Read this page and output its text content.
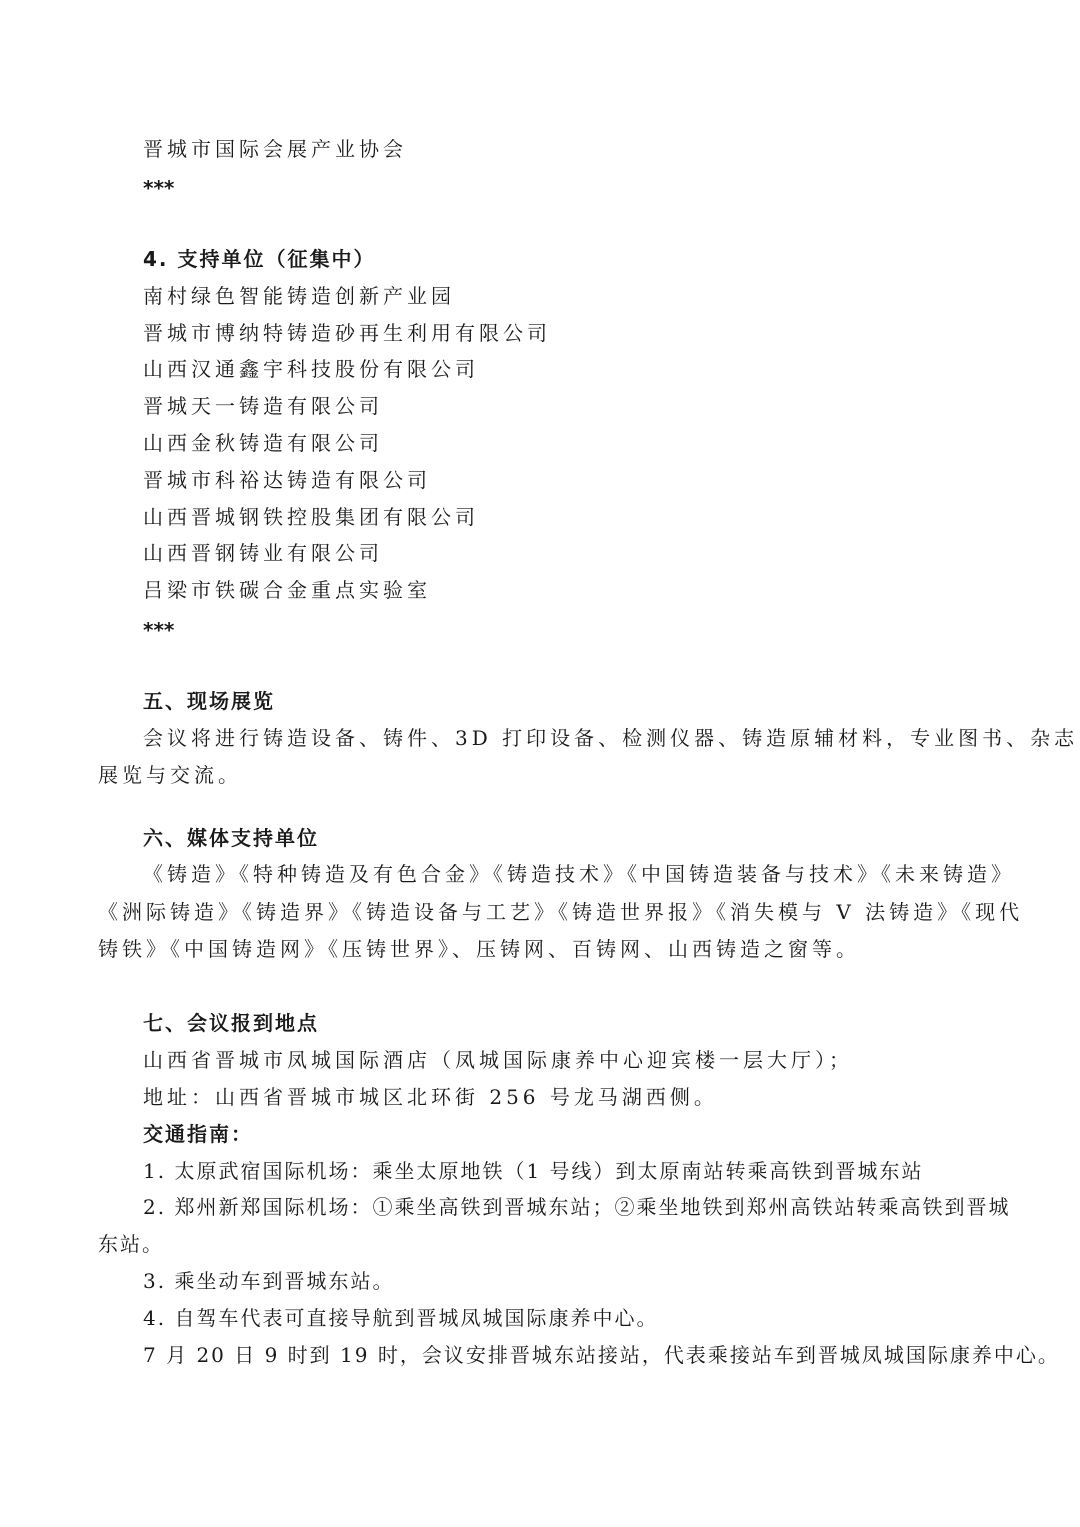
晋城市国际会展产业协会
***
4. 支持单位（征集中）
南村绿色智能铸造创新产业园
晋城市博纳特铸造砂再生利用有限公司
山西汉通鑫宇科技股份有限公司
晋城天一铸造有限公司
山西金秋铸造有限公司
晋城市科裕达铸造有限公司
山西晋城钢铁控股集团有限公司
山西晋钢铸业有限公司
吕梁市铁碳合金重点实验室
***
五、现场展览
会议将进行铸造设备、铸件、3D 打印设备、检测仪器、铸造原辅材料，专业图书、杂志
展览与交流。
六、媒体支持单位
《铸造》《特种铸造及有色合金》《铸造技术》《中国铸造装备与技术》《未来铸造》
《洲际铸造》《铸造界》《铸造设备与工艺》《铸造世界报》《消失模与 V 法铸造》《现代
铸铁》《中国铸造网》《压铸世界》、压铸网、百铸网、山西铸造之窗等。
七、会议报到地点
山西省晋城市凤城国际酒店（凤城国际康养中心迎宾楼一层大厅）；
地址：山西省晋城市城区北环街 256 号龙马湖西侧。
交通指南：
1. 太原武宿国际机场：乘坐太原地铁（1 号线）到太原南站转乘高铁到晋城东站
2. 郑州新郑国际机场：①乘坐高铁到晋城东站；②乘坐地铁到郑州高铁站转乘高铁到晋城
东站。
3. 乘坐动车到晋城东站。
4. 自驾车代表可直接导航到晋城凤城国际康养中心。
7 月 20 日 9 时到 19 时，会议安排晋城东站接站，代表乘接站车到晋城凤城国际康养中心。
